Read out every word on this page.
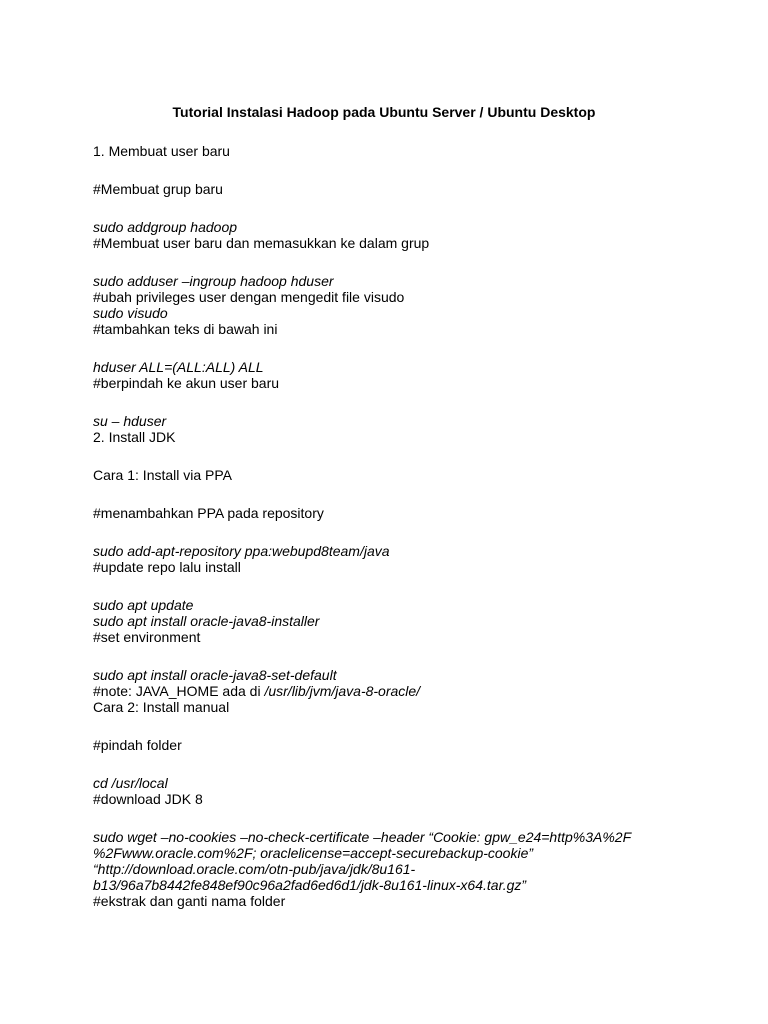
Tutorial Instalasi Hadoop pada Ubuntu Server / Ubuntu Desktop
1. Membuat user baru
#Membuat grup baru
sudo addgroup hadoop
#Membuat user baru dan memasukkan ke dalam grup
sudo adduser –ingroup hadoop hduser
#ubah privileges user dengan mengedit file visudo
sudo visudo
#tambahkan teks di bawah ini
hduser ALL=(ALL:ALL) ALL
#berpindah ke akun user baru
su – hduser
2. Install JDK
Cara 1: Install via PPA
#menambahkan PPA pada repository
sudo add-apt-repository ppa:webupd8team/java
#update repo lalu install
sudo apt update
sudo apt install oracle-java8-installer
#set environment
sudo apt install oracle-java8-set-default
#note: JAVA_HOME ada di /usr/lib/jvm/java-8-oracle/
Cara 2: Install manual
#pindah folder
cd /usr/local
#download JDK 8
sudo wget –no-cookies –no-check-certificate –header “Cookie: gpw_e24=http%3A%2F
%2Fwww.oracle.com%2F; oraclelicense=accept-securebackup-cookie”
“http://download.oracle.com/otn-pub/java/jdk/8u161-
b13/96a7b8442fe848ef90c96a2fad6ed6d1/jdk-8u161-linux-x64.tar.gz”
#ekstrak dan ganti nama folder
